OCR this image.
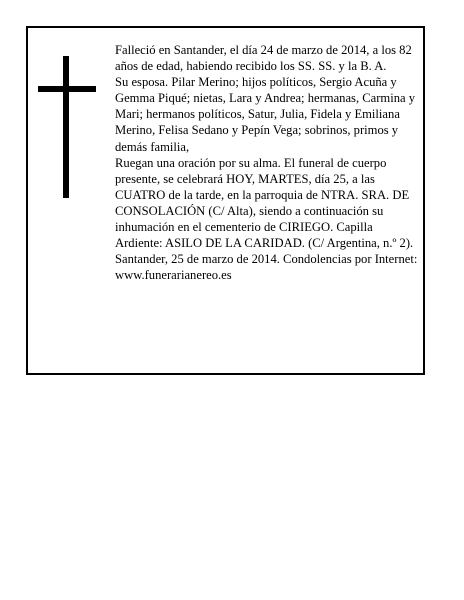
Falleció en Santander, el día 24 de marzo de 2014, a los 82 años de edad, habiendo recibido los SS. SS. y la B. A.

Su esposa. Pilar Merino; hijos políticos, Sergio Acuña y Gemma Piqué; nietas, Lara y Andrea; hermanas, Carmina y Mari; hermanos políticos, Satur, Julia, Fidela y Emiliana Merino, Felisa Sedano y Pepín Vega; sobrinos, primos y demás familia,

Ruegan una oración por su alma. El funeral de cuerpo presente, se celebrará HOY, MARTES, día 25, a las CUATRO de la tarde, en la parroquia de NTRA. SRA. DE CONSOLACIÓN (C/ Alta), siendo a continuación su inhumación en el cementerio de CIRIEGO. Capilla Ardiente: ASILO DE LA CARIDAD. (C/ Argentina, n.º 2).

Santander, 25 de marzo de 2014. Condolencias por Internet: www.funerarianereo.es
